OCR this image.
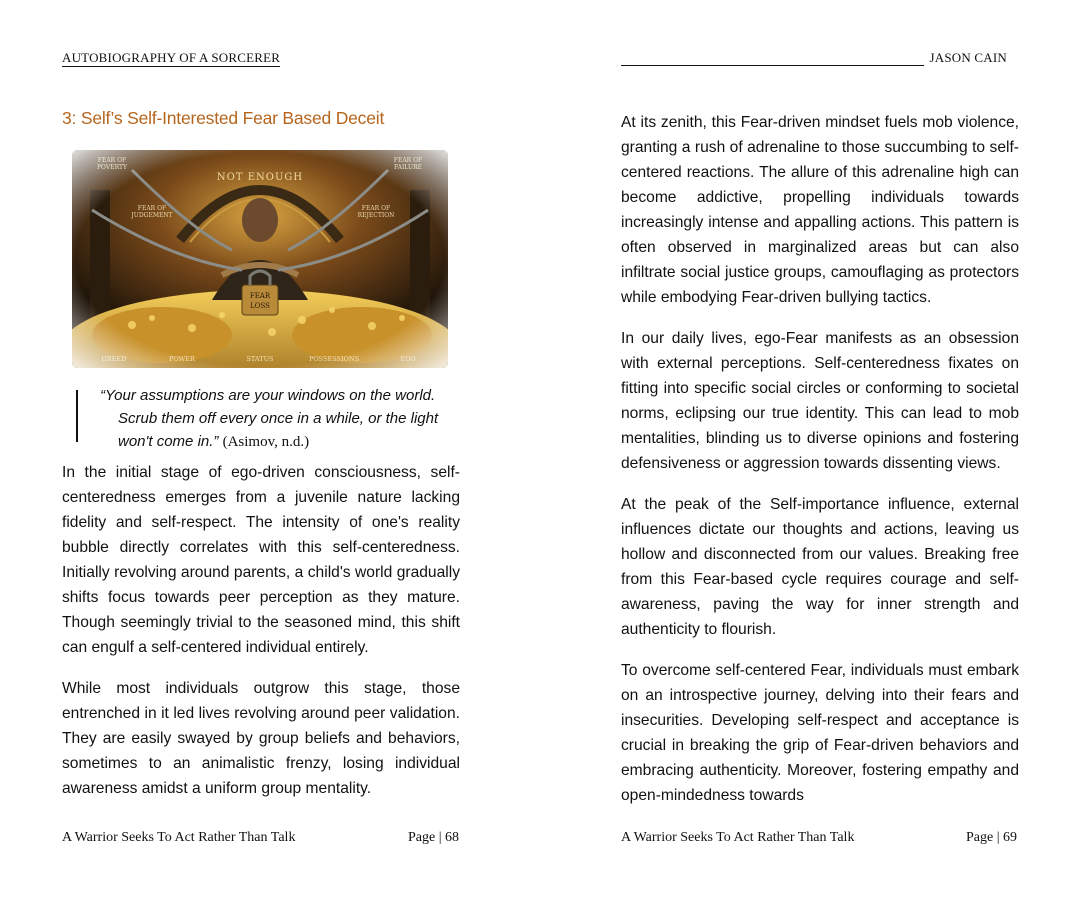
AUTOBIOGRAPHY OF A SORCERER
3: Self’s Self-Interested Fear Based Deceit
“Your assumptions are your windows on the world.
Scrub them off every once in a while, or the light
won't come in.” (Asimov, n.d.)

In the initial stage of ego-driven consciousness, self-centeredness emerges from a juvenile nature lacking fidelity and self-respect. The intensity of one's reality bubble directly correlates with this self-centeredness. Initially revolving around parents, a child's world gradually shifts focus towards peer perception as they mature. Though seemingly trivial to the seasoned mind, this shift can engulf a self-centered individual entirely.

While most individuals outgrow this stage, those entrenched in it led lives revolving around peer validation. They are easily swayed by group beliefs and behaviors, sometimes to an animalistic frenzy, losing individual awareness amidst a uniform group mentality.

A Warrior Seeks To Act Rather Than Talk	Page | 68
JASON CAIN

At its zenith, this Fear-driven mindset fuels mob violence, granting a rush of adrenaline to those succumbing to self-centered reactions. The allure of this adrenaline high can become addictive, propelling individuals towards increasingly intense and appalling actions. This pattern is often observed in marginalized areas but can also infiltrate social justice groups, camouflaging as protectors while embodying Fear-driven bullying tactics.

In our daily lives, ego-Fear manifests as an obsession with external perceptions. Self-centeredness fixates on fitting into specific social circles or conforming to societal norms, eclipsing our true identity. This can lead to mob mentalities, blinding us to diverse opinions and fostering defensiveness or aggression towards dissenting views.

At the peak of the Self-importance influence, external influences dictate our thoughts and actions, leaving us hollow and disconnected from our values. Breaking free from this Fear-based cycle requires courage and self-awareness, paving the way for inner strength and authenticity to flourish.

To overcome self-centered Fear, individuals must embark on an introspective journey, delving into their fears and insecurities. Developing self-respect and acceptance is crucial in breaking the grip of Fear-driven behaviors and embracing authenticity. Moreover, fostering empathy and open-mindedness towards

A Warrior Seeks To Act Rather Than Talk	Page | 69
